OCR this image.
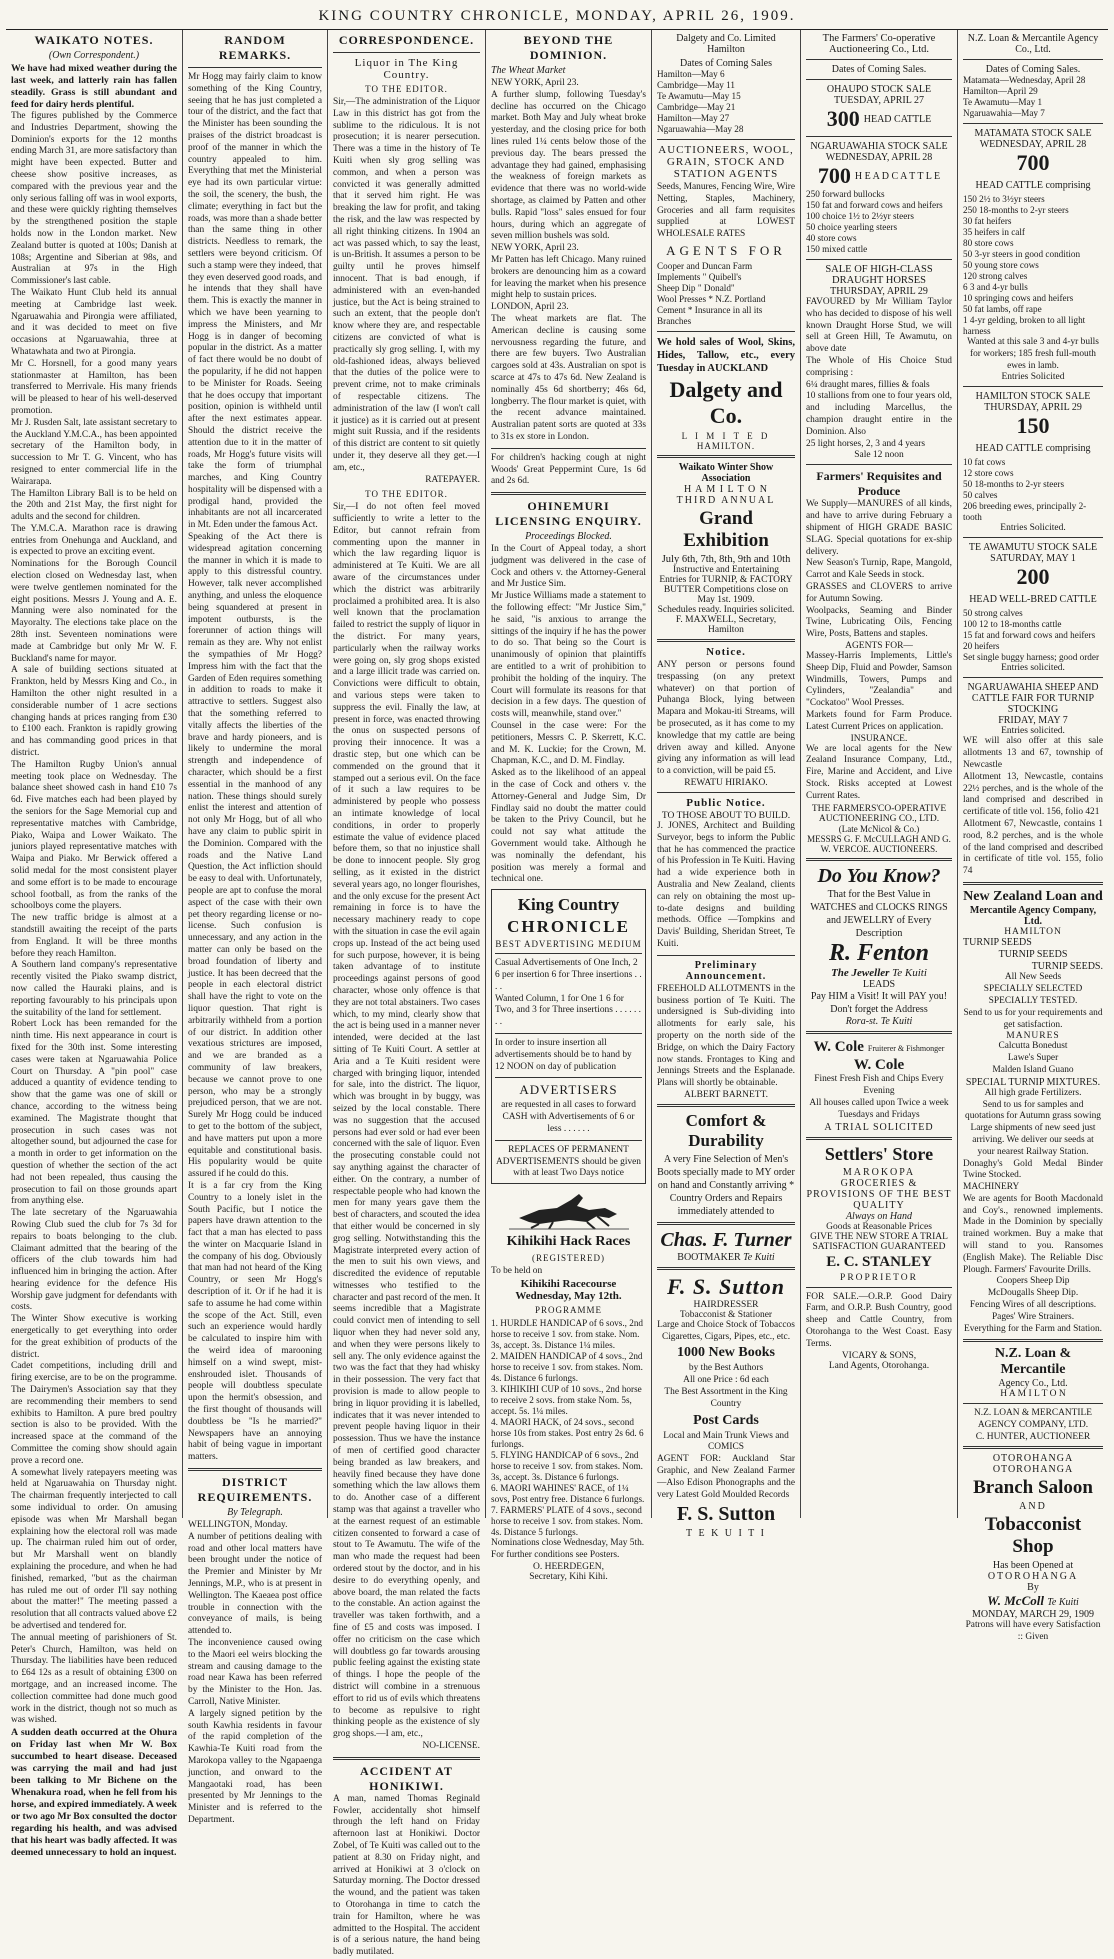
KING COUNTRY CHRONICLE, MONDAY, APRIL 26, 1909.
WAIKATO NOTES.
(Own Correspondent.)
We have had mixed weather during the last week, and latterly rain has fallen steadily. Grass is still abundant and feed for dairy herds plentiful.
The figures published by the Commerce and Industries Department, showing the Dominion's exports for the 12 months ending March 31, are more satisfactory than might have been expected. Butter and cheese show positive increases, as compared with the previous year and the only serious falling off was in wool exports, and these were quickly righting themselves by the strengthened position the staple holds now in the London market. New Zealand butter is quoted at 100s; Danish at 108s; Argentine and Siberian at 98s, and Australian at 97s in the High Commissioner's last cable.
The Waikato Hunt Club held its annual meeting at Cambridge last week. Ngaruawahia and Pirongia were affiliated, and it was decided to meet on five occasions at Ngaruawahia, three at Whatawhata and two at Pirongia.
Mr C. Horsnell, for a good many years stationmaster at Hamilton, has been transferred to Merrivale. His many friends will be pleased to hear of his well-deserved promotion.
Mr J. Rusden Salt, late assistant secretary to the Auckland Y.M.C.A., has been appointed secretary of the Hamilton body, in succession to Mr T. G. Vincent, who has resigned to enter commercial life in the Wairarapa.
The Hamilton Library Ball is to be held on the 20th and 21st May, the first night for adults and the second for children.
The Y.M.C.A. Marathon race is drawing entries from Onehunga and Auckland, and is expected to prove an exciting event.
Nominations for the Borough Council election closed on Wednesday last, when were twelve gentlemen nominated for the eight positions. Messrs J. Young and A. E. Manning were also nominated for the Mayoralty. The elections take place on the 28th inst. Seventeen nominations were made at Cambridge but only Mr W. F. Buckland's name for mayor.
A sale of building sections situated at Frankton, held by Messrs King and Co., in Hamilton the other night resulted in a considerable number of 1 acre sections changing hands at prices ranging from £30 to £100 each. Frankton is rapidly growing and has commanding good prices in that district.
The Hamilton Rugby Union's annual meeting took place on Wednesday. The balance sheet showed cash in hand £10 7s 6d. Five matches each had been played by the seniors for the Sage Memorial cup and representative matches with Cambridge, Piako, Waipa and Lower Waikato. The juniors played representative matches with Waipa and Piako. Mr Berwick offered a solid medal for the most consistent player and some effort is to be made to encourage school football, as from the ranks of the schoolboys come the players.
The new traffic bridge is almost at a standstill awaiting the receipt of the parts from England. It will be three months before they reach Hamilton.
A Southern land company's representative recently visited the Piako swamp district, now called the Hauraki plains, and is reporting favourably to his principals upon the suitability of the land for settlement.
Robert Lock has been remanded for the ninth time. His next appearance in court is fixed for the 30th inst. Some interesting cases were taken at Ngaruawahia Police Court on Thursday. A "pin pool" case adduced a quantity of evidence tending to show that the game was one of skill or chance, according to the witness being examined. The Magistrate thought that prosecution in such cases was not altogether sound, but adjourned the case for a month in order to get information on the question of whether the section of the act had not been repealed, thus causing the prosecution to fail on those grounds apart from anything else.
The late secretary of the Ngaruawahia Rowing Club sued the club for 7s 3d for repairs to boats belonging to the club. Claimant admitted that the bearing of the officers of the club towards him had influenced him in bringing the action. After hearing evidence for the defence His Worship gave judgment for defendants with costs.
The Winter Show executive is working energetically to get everything into order for the great exhibition of products of the district.
Cadet competitions, including drill and firing exercise, are to be on the programme. The Dairymen's Association say that they are recommending their members to send exhibits to Hamilton. A pure bred poultry section is also to be provided. With the increased space at the command of the Committee the coming show should again prove a record one.
A somewhat lively ratepayers meeting was held at Ngaruawahia on Thursday night. The chairman frequently interjected to call some individual to order. On amusing episode was when Mr Marshall began explaining how the electoral roll was made up. The chairman ruled him out of order, but Mr Marshall went on blandly explaining the procedure, and when he had finished, remarked, "but as the chairman has ruled me out of order I'll say nothing about the matter!" The meeting passed a resolution that all contracts valued above £2 be advertised and tendered for.
The annual meeting of parishioners of St. Peter's Church, Hamilton, was held on Thursday. The liabilities have been reduced to £64 12s as a result of obtaining £300 on mortgage, and an increased income. The collection committee had done much good work in the district, though not so much as was wished.
A sudden death occurred at the Ohura on Friday last when Mr W. Box succumbed to heart disease. Deceased was carrying the mail and had just been talking to Mr Bichene on the Whenakura road, when he fell from his horse, and expired immediately. A week or two ago Mr Box consulted the doctor regarding his health, and was advised that his heart was badly affected. It was deemed unnecessary to hold an inquest.
RANDOM REMARKS.
Mr Hogg may fairly claim to know something of the King Country, seeing that he has just completed a tour of the district, and the fact that the Minister has been sounding the praises of the district broadcast is proof of the manner in which the country appealed to him. Everything that met the Ministerial eye had its own particular virtue: the soil, the scenery, the bush, the climate; everything in fact but the roads, was more than a shade better than the same thing in other districts. Needless to remark, the settlers were beyond criticism. Of such a stamp were they indeed, that they even deserved good roads, and he intends that they shall have them. This is exactly the manner in which we have been yearning to impress the Ministers, and Mr Hogg is in danger of becoming popular in the district. As a matter of fact there would be no doubt of the popularity, if he did not happen to be Minister for Roads. Seeing that he does occupy that important position, opinion is withheld until after the next estimates appear. Should the district receive the attention due to it in the matter of roads, Mr Hogg's future visits will take the form of triumphal marches, and King Country hospitality will be dispensed with a prodigal hand, provided the inhabitants are not all incarcerated in Mt. Eden under the famous Act.
Speaking of the Act there is widespread agitation concerning the manner in which it is made to apply to this distressful country. However, talk never accomplished anything, and unless the eloquence being squandered at present in impotent outbursts, is the forerunner of action things will remain as they are. Why not enlist the sympathies of Mr Hogg? Impress him with the fact that the Garden of Eden requires something in addition to roads to make it attractive to settlers. Suggest also that the something referred to vitally affects the liberties of the brave and hardy pioneers, and is likely to undermine the moral strength and independence of character, which should be a first essential in the manhood of any nation. These things should surely enlist the interest and attention of not only Mr Hogg, but of all who have any claim to public spirit in the Dominion. Compared with the roads and the Native Land Question, the Act infliction should be easy to deal with. Unfortunately, people are apt to confuse the moral aspect of the case with their own pet theory regarding license or no-license. Such confusion is unnecessary, and any action in the matter can only be based on the broad foundation of liberty and justice. It has been decreed that the people in each electoral district shall have the right to vote on the liquor question. That right is arbitrarily withheld from a portion of our district. In addition other vexatious strictures are imposed, and we are branded as a community of law breakers, because we cannot prove to one person, who may be a strongly prejudiced person, that we are not. Surely Mr Hogg could be induced to get to the bottom of the subject, and have matters put upon a more equitable and constitutional basis. His popularity would be quite assured if he could do this.
It is a far cry from the King Country to a lonely islet in the South Pacific, but I notice the papers have drawn attention to the fact that a man has elected to pass the winter on Macquarie Island in the company of his dog. Obviously that man had not heard of the King Country, or seen Mr Hogg's description of it. Or if he had it is safe to assume he had come within the scope of the Act. Still, even such an experience would hardly be calculated to inspire him with the weird idea of marooning himself on a wind swept, mist-enshrouded islet. Thousands of people will doubtless speculate upon the hermit's obsession, and the first thought of thousands will doubtless be "Is he married?" Newspapers have an annoying habit of being vague in important matters.
DISTRICT REQUIREMENTS.
By Telegraph.
WELLINGTON, Monday.
A number of petitions dealing with road and other local matters have been brought under the notice of the Premier and Minister by Mr Jennings, M.P., who is at present in Wellington. The Kaeaea post office trouble in connection with the conveyance of mails, is being attended to.
The inconvenience caused owing to the Maori eel weirs blocking the stream and causing damage to the road near Kawa has been referred by the Minister to the Hon. Jas. Carroll, Native Minister.
A largely signed petition by the south Kawhia residents in favour of the rapid completion of the Kawhia-Te Kuiti road from the Marokopa valley to the Ngapaenga junction, and onward to the Mangaotaki road, has been presented by Mr Jennings to the Minister and is referred to the Department.
CORRESPONDENCE.
Liquor in The King Country.
TO THE EDITOR.
Sir,—The administration of the Liquor Law in this district has got from the sublime to the ridiculous. It is not prosecution; it is nearer persecution. There was a time in the history of Te Kuiti when sly grog selling was common, and when a person was convicted it was generally admitted that it served him right. He was breaking the law for profit, and taking the risk, and the law was respected by all right thinking citizens. In 1904 an act was passed which, to say the least, is un-British. It assumes a person to be guilty until he proves himself innocent. That is bad enough, if administered with an even-handed justice, but the Act is being strained to such an extent, that the people don't know where they are, and respectable citizens are convicted of what is practically sly grog selling. I, with my old-fashioned ideas, always believed that the duties of the police were to prevent crime, not to make criminals of respectable citizens. The administration of the law (I won't call it justice) as it is carried out at present might suit Russia, and if the residents of this district are content to sit quietly under it, they deserve all they get.—I am, etc.,
RATEPAYER.
TO THE EDITOR.
Sir,—I do not often feel moved sufficiently to write a letter to the Editor, but cannot refrain from commenting upon the manner in which the law regarding liquor is administered at Te Kuiti. We are all aware of the circumstances under which the district was arbitrarily proclaimed a prohibited area. It is also well known that the proclamation failed to restrict the supply of liquor in the district. For many years, particularly when the railway works were going on, sly grog shops existed and a large illicit trade was carried on. Convictions were difficult to obtain, and various steps were taken to suppress the evil. Finally the law, at present in force, was enacted throwing the onus on suspected persons of proving their innocence. It was a drastic step, but one which can be commended on the ground that it stamped out a serious evil. On the face of it such a law requires to be administered by people who possess an intimate knowledge of local conditions, in order to properly estimate the value of evidence placed before them, so that no injustice shall be done to innocent people. Sly grog selling, as it existed in the district several years ago, no longer flourishes, and the only excuse for the present Act remaining in force is to have the necessary machinery ready to cope with the situation in case the evil again crops up. Instead of the act being used for such purpose, however, it is being taken advantage of to institute proceedings against persons of good character, whose only offence is that they are not total abstainers. Two cases which, to my mind, clearly show that the act is being used in a manner never intended, were decided at the last sitting of Te Kuiti Court. A settler at Aria and a Te Kuiti resident were charged with bringing liquor, intended for sale, into the district. The liquor, which was brought in by buggy, was seized by the local constable. There was no suggestion that the accused persons had ever sold or had ever been concerned with the sale of liquor. Even the prosecuting constable could not say anything against the character of either. On the contrary, a number of respectable people who had known the men for many years gave them the best of characters, and scouted the idea that either would be concerned in sly grog selling. Notwithstanding this the Magistrate interpreted every action of the men to suit his own views, and discredited the evidence of reputable witnesses who testified to the character and past record of the men. It seems incredible that a Magistrate could convict men of intending to sell liquor when they had never sold any, and when they were persons likely to sell any. The only evidence against the two was the fact that they had whisky in their possession. The very fact that provision is made to allow people to bring in liquor providing it is labelled, indicates that it was never intended to prevent people having liquor in their possession. Thus we have the instance of men of certified good character being branded as law breakers, and heavily fined because they have done something which the law allows them to do. Another case of a different stamp was that against a traveller who at the earnest request of an estimable citizen consented to forward a case of stout to Te Awamutu. The wife of the man who made the request had been ordered stout by the doctor, and in his desire to do everything openly, and above board, the man related the facts to the constable. An action against the traveller was taken forthwith, and a fine of £5 and costs was imposed. I offer no criticism on the case which will doubtless go far towards arousing public feeling against the existing state of things. I hope the people of the district will combine in a strenuous effort to rid us of evils which threatens to become as repulsive to right thinking people as the existence of sly grog shops.—I am, etc.,
NO-LICENSE.
ACCIDENT AT HONIKIWI.
A man, named Thomas Reginald Fowler, accidentally shot himself through the left hand on Friday afternoon last at Honikiwi. Doctor Zobel, of Te Kuiti was called out to the patient at 8.30 on Friday night, and arrived at Honikiwi at 3 o'clock on Saturday morning. The Doctor dressed the wound, and the patient was taken to Otorohanga in time to catch the train for Hamilton, where he was admitted to the Hospital. The accident is of a serious nature, the hand being badly mutilated.
BEYOND THE DOMINION.
The Wheat Market
NEW YORK, April 23.
A further slump, following Tuesday's decline has occurred on the Chicago market. Both May and July wheat broke yesterday, and the closing price for both lines ruled 1¼ cents below those of the previous day. The bears pressed the advantage they had gained, emphasising the weakness of foreign markets as evidence that there was no world-wide shortage, as claimed by Patten and other bulls. Rapid "loss" sales ensued for four hours, during which an aggregate of seven million bushels was sold.
NEW YORK, April 23.
Mr Patten has left Chicago. Many ruined brokers are denouncing him as a coward for leaving the market when his presence might help to sustain prices.
LONDON, April 23.
The wheat markets are flat. The American decline is causing some nervousness regarding the future, and there are few buyers. Two Australian cargoes sold at 43s. Australian on spot is scarce at 47s to 47s 6d. New Zealand is nominally 45s 6d shortberry; 46s 6d, longberry. The flour market is quiet, with the recent advance maintained. Australian patent sorts are quoted at 33s to 31s ex store in London.
For children's hacking cough at night Woods' Great Peppermint Cure, 1s 6d and 2s 6d.
OHINEMURI LICENSING ENQUIRY.
Proceedings Blocked.
In the Court of Appeal today, a short judgment was delivered in the case of Cock and others v. the Attorney-General and Mr Justice Sim.
Mr Justice Williams made a statement to the following effect: "Mr Justice Sim," he said, "is anxious to arrange the sittings of the inquiry if he has the power to do so. That being so the Court is unanimously of opinion that plaintiffs are entitled to a writ of prohibition to prohibit the holding of the inquiry. The Court will formulate its reasons for that decision in a few days. The question of costs will, meanwhile, stand over."
Counsel in the case were: For the petitioners, Messrs C. P. Skerrett, K.C. and M. K. Luckie; for the Crown, M. Chapman, K.C., and D. M. Findlay.
Asked as to the likelihood of an appeal in the case of Cock and others v. the Attorney-General and Judge Sim, Dr Findlay said no doubt the matter could be taken to the Privy Council, but he could not say what attitude the Government would take. Although he was nominally the defendant, his position was merely a formal and technical one.
King Country
CHRONICLE
BEST ADVERTISING MEDIUM
Casual Advertisements of One Inch, 2 6 per insertion 6 for Three insertions . . . .
Wanted Column, 1 for One 1 6 for Two, and 3 for Three insertions . . . . . . . .
In order to insure insertion all advertisements should be to hand by 12 NOON on day of publication
ADVERTISERS
are requested in all cases to forward CASH with Advertisements of 6 or less . . . . . .
REPLACES OF PERMANENT ADVERTISEMENTS should be given with at least Two Days notice
Kihikihi Hack Races
(REGISTERED)
To be held on
Kihikihi Racecourse
Wednesday, May 12th.
PROGRAMME
1. HURDLE HANDICAP of 6 sovs., 2nd horse to receive 1 sov. from stake. Nom. 3s, accept. 3s. Distance 1¼ miles.
2. MAIDEN HANDICAP of 4 sovs., 2nd horse to receive 1 sov. from stakes. Nom. 4s. Distance 6 furlongs.
3. KIHIKIHI CUP of 10 sovs., 2nd horse to receive 2 sovs. from stake Nom. 5s, accept. 5s. 1¼ miles.
4. MAORI HACK, of 24 sovs., second horse 10s from stakes. Post entry 2s 6d. 6 furlongs.
5. FLYING HANDICAP of 6 sovs., 2nd horse to receive 1 sov. from stakes. Nom. 3s, accept. 3s. Distance 6 furlongs.
6. MAORI WAHINES' RACE, of 1¼ sovs, Post entry free. Distance 6 furlongs.
7. FARMERS' PLATE of 4 sovs., second horse to receive 1 sov. from stakes. Nom. 4s. Distance 5 furlongs.
Nominations close Wednesday, May 5th.
For further conditions see Posters.
O. HEERDEGEN,
Secretary, Kihi Kihi.
Dalgety and Co. Limited
Hamilton
Dates of Coming Sales
Hamilton—May 6
Cambridge—May 11
Te Awamutu—May 15
Cambridge—May 21
Hamilton—May 27
Ngaruawahia—May 28
AUCTIONEERS, WOOL, GRAIN, STOCK AND STATION AGENTS
Seeds, Manures, Fencing Wire, Wire Netting, Staples, Machinery, Groceries and all farm requisites supplied at LOWEST WHOLESALE RATES
AGENTS FOR
Cooper and Duncan Farm Implements " Quibell's
Sheep Dip " Donald"
Wool Presses * N.Z. Portland Cement * Insurance in all its Branches
We hold sales of Wool, Skins, Hides, Tallow, etc., every Tuesday in AUCKLAND
Dalgety and Co.
L I M I T E D
HAMILTON.
Waikato Winter Show Association
H A M I L T O N
THIRD ANNUAL
Grand Exhibition
July 6th, 7th, 8th, 9th and 10th
Instructive and Entertaining
Entries for TURNIP, & FACTORY BUTTER Competitions close on May 1st. 1909.
Schedules ready. Inquiries solicited.
F. MAXWELL, Secretary, Hamilton
Notice.
ANY person or persons found trespassing (on any pretext whatever) on that portion of Puhanga Block, lying between Mapara and Mokau-iti Streams, will be prosecuted, as it has come to my knowledge that my cattle are being driven away and killed. Anyone giving any information as will lead to a conviction, will be paid £5.
REWATU HIRIAKO.
Public Notice.
TO THOSE ABOUT TO BUILD.
J. JONES, Architect and Building Surveyor, begs to inform the Public that he has commenced the practice of his Profession in Te Kuiti. Having had a wide experience both in Australia and New Zealand, clients can rely on obtaining the most up-to-date designs and building methods. Office —Tompkins and Davis' Building, Sheridan Street, Te Kuiti.
Preliminary Announcement.
FREEHOLD ALLOTMENTS in the business portion of Te Kuiti. The undersigned is Sub-dividing into allotments for early sale, his property on the north side of the Bridge, on which the Dairy Factory now stands. Frontages to King and Jennings Streets and the Esplanade. Plans will shortly be obtainable.
ALBERT BARNETT.
Comfort & Durability
A very Fine Selection of Men's Boots specially made to MY order on hand and Constantly arriving * Country Orders and Repairs immediately attended to
Chas. F. Turner
BOOTMAKER Te Kuiti
F. S. Sutton
HAIRDRESSER
Tobacconist & Stationer
Large and Choice Stock of Tobaccos Cigarettes, Cigars, Pipes, etc., etc.
1000 New Books
by the Best Authors
All one Price : 6d each
The Best Assortment in the King Country
Post Cards
Local and Main Trunk Views and COMICS
AGENT FOR: Auckland Star Graphic, and New Zealand Farmer —Also Edison Phonographs and the very Latest Gold Moulded Records
F. S. Sutton
T E K U I T I
The Farmers' Co-operative
Auctioneering Co., Ltd.
Dates of Coming Sales.
OHAUPO STOCK SALE
TUESDAY, APRIL 27
300 HEAD CATTLE
NGARUAWAHIA STOCK SALE
WEDNESDAY, APRIL 28
700 H E A D C A T T L E
250 forward bullocks
150 fat and forward cows and heifers
100 choice 1½ to 2½yr steers
50 choice yearling steers
40 store cows
150 mixed cattle
SALE OF HIGH-CLASS DRAUGHT HORSES
THURSDAY, APRIL 29
FAVOURED by Mr William Taylor who has decided to dispose of his well known Draught Horse Stud, we will sell at Green Hill, Te Awamutu, on above date
The Whole of His Choice Stud comprising :
6¼ draught mares, fillies & foals
10 stallions from one to four years old, and including Marcellus, the champion draught entire in the Dominion. Also
25 light horses, 2, 3 and 4 years
Sale 12 noon
Farmers' Requisites and Produce
We Supply—MANURES of all kinds, and have to arrive during February a shipment of HIGH GRADE BASIC SLAG. Special quotations for ex-ship delivery.
New Season's Turnip, Rape, Mangold, Carrot and Kale Seeds in stock.
GRASSES and CLOVERS to arrive for Autumn Sowing.
Woolpacks, Seaming and Binder Twine, Lubricating Oils, Fencing Wire, Posts, Battens and staples.
AGENTS FOR—
Massey-Harris Implements, Little's Sheep Dip, Fluid and Powder, Samson Windmills, Towers, Pumps and Cylinders, "Zealandia" and "Cockatoo" Wool Presses.
Markets found for Farm Produce. Latest Current Prices on application.
INSURANCE.
We are local agents for the New Zealand Insurance Company, Ltd., Fire, Marine and Accident, and Live Stock. Risks accepted at Lowest Current Rates.
THE FARMERS'CO-OPERATIVE AUCTIONEERING CO., LTD.
(Late McNicol & Co.)
MESSRS G. F. McCULLAGH AND G. W. VERCOE. AUCTIONEERS.
Do You Know?
That for the Best Value in WATCHES and CLOCKS RINGS and JEWELLRY of Every Description
R. Fenton
The Jeweller Te Kuiti
LEADS
Pay HIM a Visit! It will PAY you! Don't forget the Address
Rora-st. Te Kuiti
W. Cole Fruiterer & Fishmonger W. Cole
Finest Fresh Fish and Chips Every Evening
All houses called upon Twice a week Tuesdays and Fridays
A TRIAL SOLICITED
Settlers' Store
MAROKOPA
GROCERIES & PROVISIONS OF THE BEST QUALITY
Always on Hand
Goods at Reasonable Prices
GIVE THE NEW STORE A TRIAL SATISFACTION GUARANTEED
E. C. STANLEY
PROPRIETOR
FOR SALE.—O.R.P. Good Dairy Farm, and O.R.P. Bush Country, good sheep and Cattle Country, from Otorohanga to the West Coast. Easy Terms.
VICARY & SONS,
Land Agents, Otorohanga.
N.Z. Loan & Mercantile Agency
Co., Ltd.
Dates of Coming Sales.
Matamata—Wednesday, April 28
Hamilton—April 29
Te Awamutu—May 1
Ngaruawahia—May 7
MATAMATA STOCK SALE
WEDNESDAY, APRIL 28
700 HEAD CATTLE comprising
150 2½ to 3½yr steers
250 18-months to 2-yr steers
30 fat heifers
35 heifers in calf
80 store cows
50 3-yr steers in good condition
50 young store cows
120 strong calves
6 3 and 4-yr bulls
10 springing cows and heifers
50 fat lambs, off rape
1 4-yr gelding, broken to all light harness
Wanted at this sale 3 and 4-yr bulls for workers; 185 fresh full-mouth ewes in lamb.
Entries Solicited
HAMILTON STOCK SALE
THURSDAY, APRIL 29
150 HEAD CATTLE comprising
10 fat cows
12 store cows
50 18-months to 2-yr steers
50 calves
206 breeding ewes, principally 2-tooth
Entries Solicited.
TE AWAMUTU STOCK SALE
SATURDAY, MAY 1
200 HEAD WELL-BRED CATTLE
50 strong calves
100 12 to 18-months cattle
15 fat and forward cows and heifers
20 heifers
Set single buggy harness; good order
Entries solicited.
NGARUAWAHIA SHEEP AND CATTLE FAIR FOR TURNIP STOCKING
FRIDAY, MAY 7
Entries solicited.
WE will also offer at this sale allotments 13 and 67, township of Newcastle
Allotment 13, Newcastle, contains 22½ perches, and is the whole of the land comprised and described in certificate of title vol. 156, folio 421
Allotment 67, Newcastle, contains 1 rood, 8.2 perches, and is the whole of the land comprised and described in certificate of title vol. 155, folio 74
New Zealand Loan and
Mercantile Agency Company, Ltd.
HAMILTON
TURNIP SEEDS
TURNIP SEEDS
TURNIP SEEDS.
All New Seeds
SPECIALLY SELECTED
SPECIALLY TESTED.
Send to us for your requirements and get satisfaction.
MANURES
Calcutta Bonedust
Lawe's Super
Malden Island Guano
SPECIAL TURNIP MIXTURES.
All high grade Fertilizers.
Send to us for samples and quotations for Autumn grass sowing
Large shipments of new seed just arriving. We deliver our seeds at your nearest Railway Station.
Donaghy's Gold Medal Binder Twine Stocked.
MACHINERY
We are agents for Booth Macdonald and Coy's., renowned implements. Made in the Dominion by specially trained workmen. Buy a make that will stand to you. Ransomes (English Make). The Reliable Disc Plough. Farmers' Favourite Drills.
Coopers Sheep Dip
McDougalls Sheep Dip.
Fencing Wires of all descriptions.
Pages' Wire Strainers.
Everything for the Farm and Station.
N.Z. Loan & Mercantile
Agency Co., Ltd.
H A M I L T O N
N.Z. LOAN & MERCANTILE AGENCY COMPANY, LTD.
C. HUNTER, AUCTIONEER
OTOROHANGA OTOROHANGA
Branch Saloon
AND
Tobacconist Shop
Has been Opened at
OTOROHANGA
By
W. McColl Te Kuiti
MONDAY, MARCH 29, 1909
Patrons will have every Satisfaction :: Given
